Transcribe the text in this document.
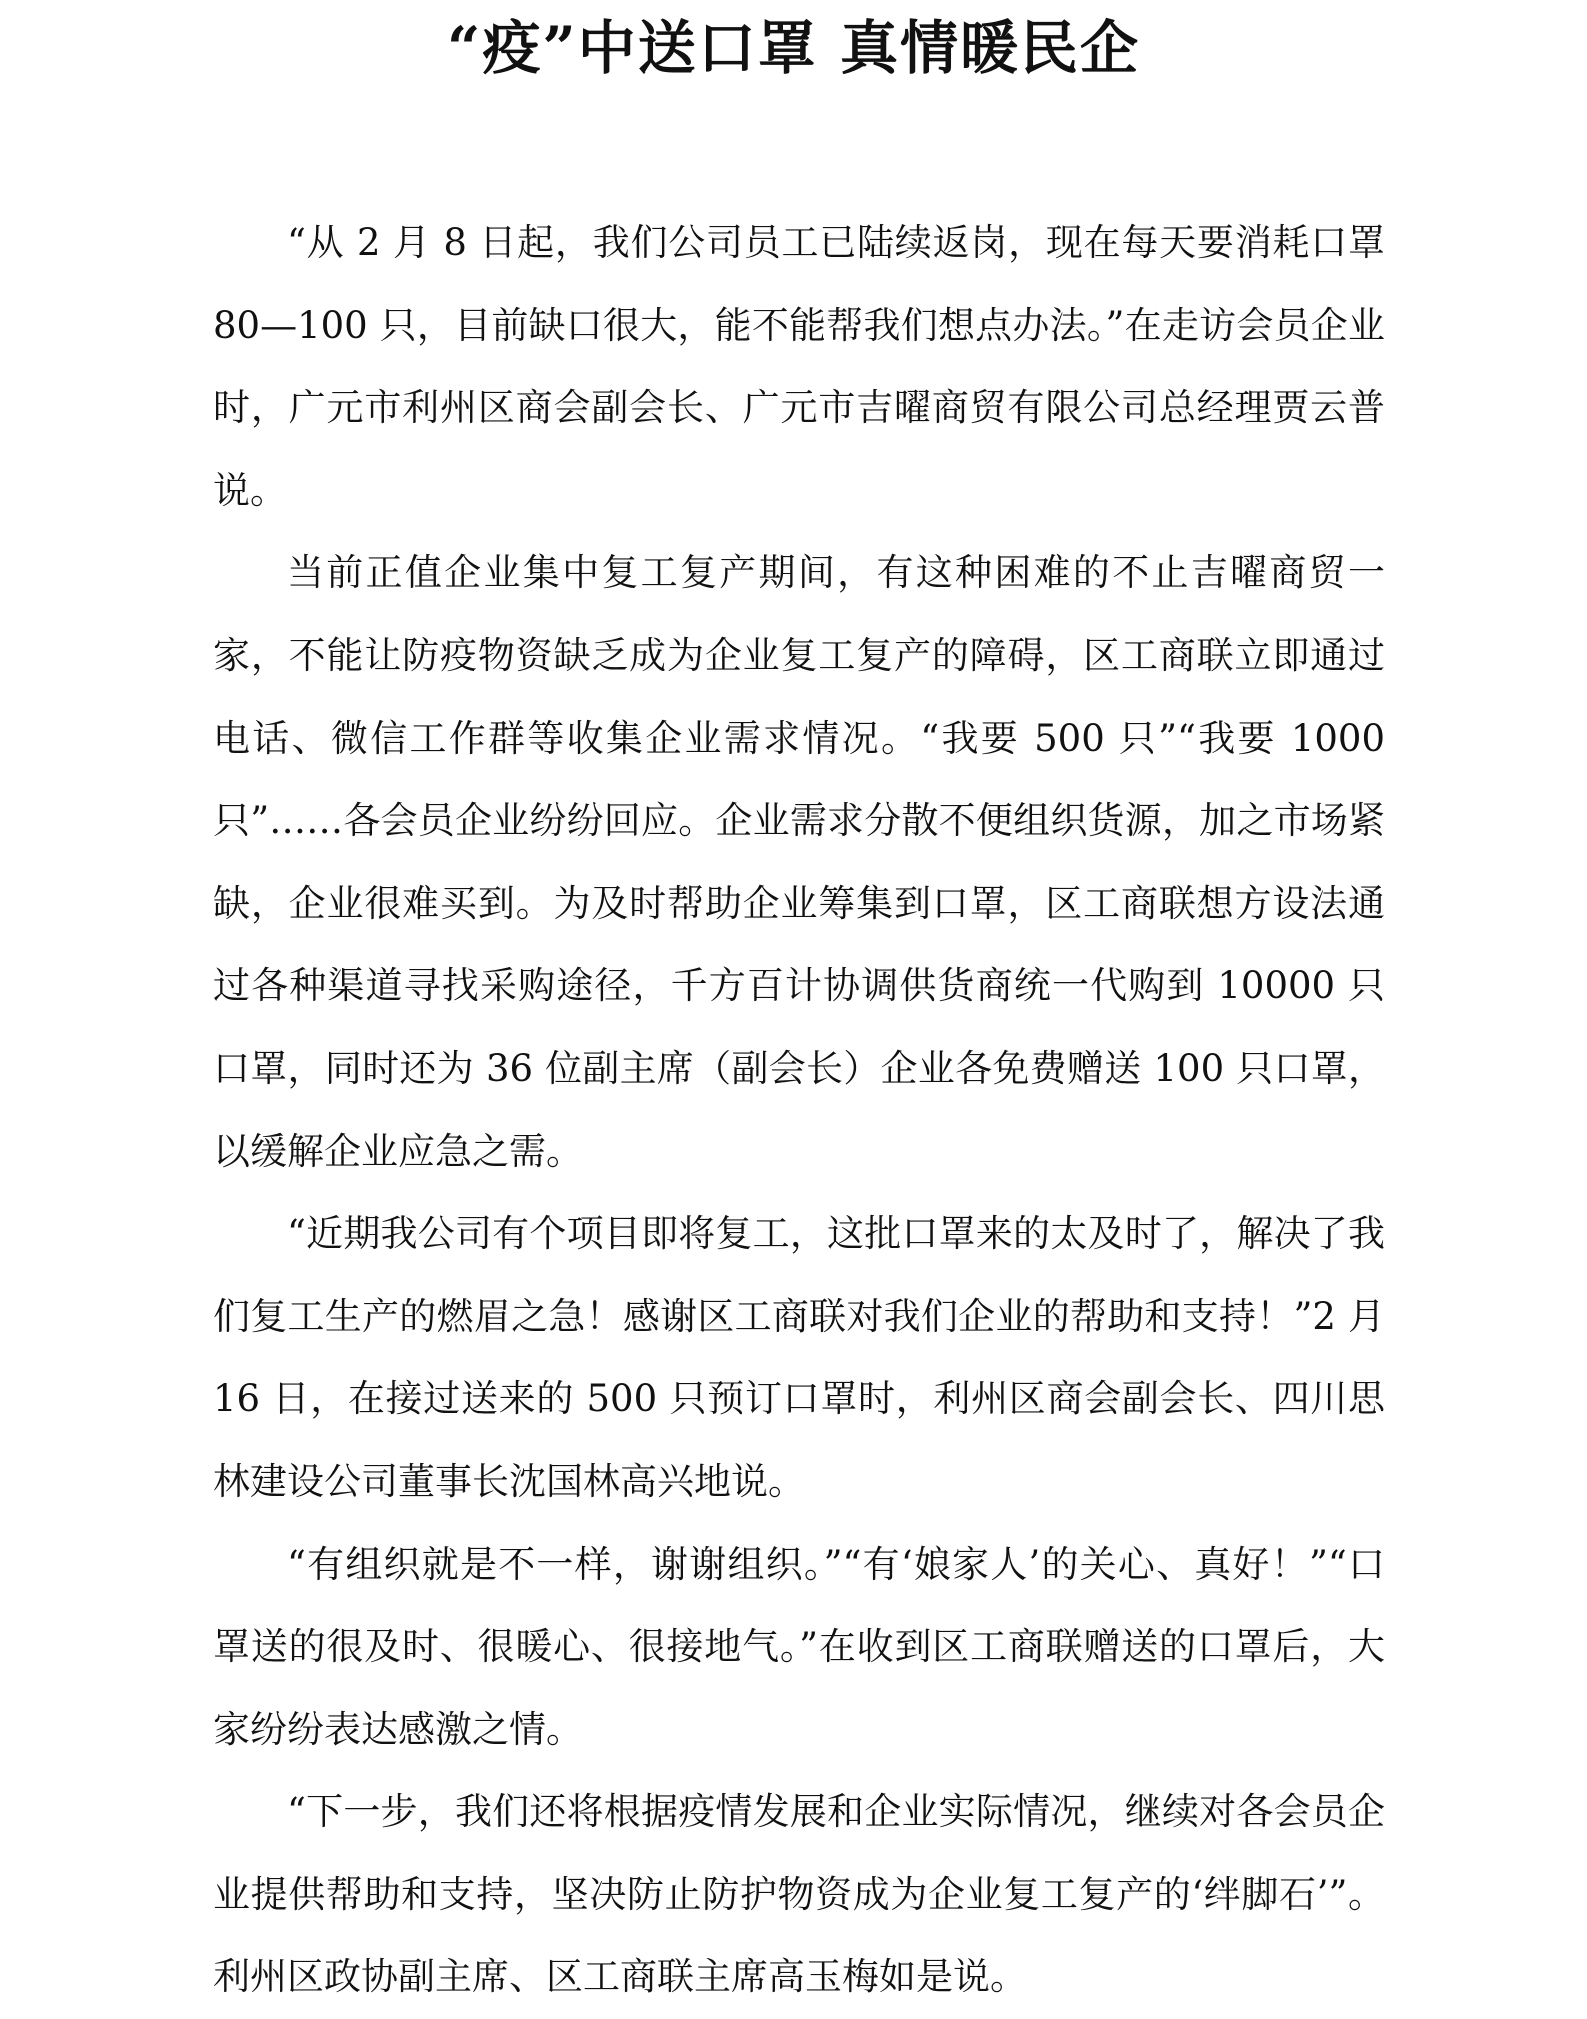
“疫”中送口罩 真情暖民企

“从 2 月 8 日起，我们公司员工已陆续返岗，现在每天要消耗口罩 80—100 只，目前缺口很大，能不能帮我们想点办法。”在走访会员企业时，广元市利州区商会副会长、广元市吉曜商贸有限公司总经理贾云普说。

当前正值企业集中复工复产期间，有这种困难的不止吉曜商贸一家，不能让防疫物资缺乏成为企业复工复产的障碍，区工商联立即通过电话、微信工作群等收集企业需求情况。“我要 500 只”“我要 1000 只”……各会员企业纷纷回应。企业需求分散不便组织货源，加之市场紧缺，企业很难买到。为及时帮助企业筹集到口罩，区工商联想方设法通过各种渠道寻找采购途径，千方百计协调供货商统一代购到 10000 只口罩，同时还为 36 位副主席（副会长）企业各免费赠送 100 只口罩，以缓解企业应急之需。

“近期我公司有个项目即将复工，这批口罩来的太及时了，解决了我们复工生产的燃眉之急！感谢区工商联对我们企业的帮助和支持！”2 月 16 日，在接过送来的 500 只预订口罩时，利州区商会副会长、四川思林建设公司董事长沈国林高兴地说。

“有组织就是不一样，谢谢组织。”“有‘娘家人’的关心、真好！”“口罩送的很及时、很暖心、很接地气。”在收到区工商联赠送的口罩后，大家纷纷表达感激之情。

“下一步，我们还将根据疫情发展和企业实际情况，继续对各会员企业提供帮助和支持，坚决防止防护物资成为企业复工复产的‘绊脚石’”。利州区政协副主席、区工商联主席高玉梅如是说。
